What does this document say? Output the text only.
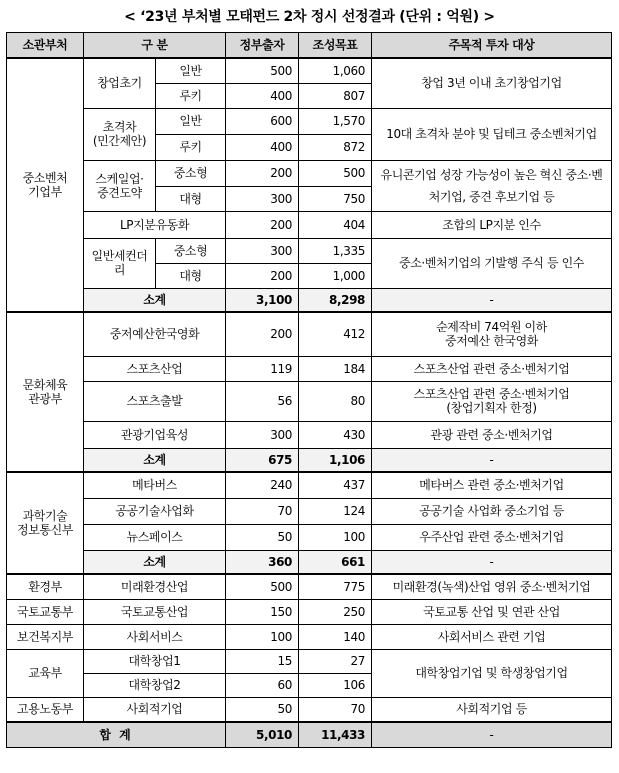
< ‘23년 부처별 모태펀드 2차 정시 선정결과 (단위 : 억원) >
소관부처	구 분		정부출자	조성목표	주목적 투자 대상
중소벤처
기업부	창업초기	일반	500	1,060	창업 3년 이내 초기창업기업
		루키	400	807	
	초격차
(민간제안)	일반	600	1,570	10대 초격차 분야 및 딥테크 중소벤처기업
		루키	400	872	
	스케일업·
중견도약	중소형	200	500	유니콘기업 성장 가능성이 높은 혁신 중소·벤처기업, 중견 후보기업 등
		대형	300	750	
	LP지분유동화		200	404	조합의 LP지분 인수
	일반세컨더리	중소형	300	1,335	중소·벤처기업의 기발행 주식 등 인수
		대형	200	1,000	
	소계		3,100	8,298	-
문화체육
관광부	중저예산한국영화		200	412	순제작비 74억원 이하
중저예산 한국영화
	스포츠산업		119	184	스포츠산업 관련 중소·벤처기업
	스포츠출발		56	80	스포츠산업 관련 중소·벤처기업
(창업기획자 한정)
	관광기업육성		300	430	관광 관련 중소·벤처기업
	소계		675	1,106	-
과학기술
정보통신부	메타버스		240	437	메타버스 관련 중소·벤처기업
	공공기술사업화		70	124	공공기술 사업화 중소기업 등
	뉴스페이스		50	100	우주산업 관련 중소·벤처기업
	소계		360	661	-
환경부	미래환경산업		500	775	미래환경(녹색)산업 영위 중소·벤처기업
국토교통부	국토교통산업		150	250	국토교통 산업 및 연관 산업
보건복지부	사회서비스		100	140	사회서비스 관련 기업
교육부	대학창업1		15	27	대학창업기업 및 학생창업기업
	대학창업2		60	106	
고용노동부	사회적기업		50	70	사회적기업 등
합 계			5,010	11,433	-
